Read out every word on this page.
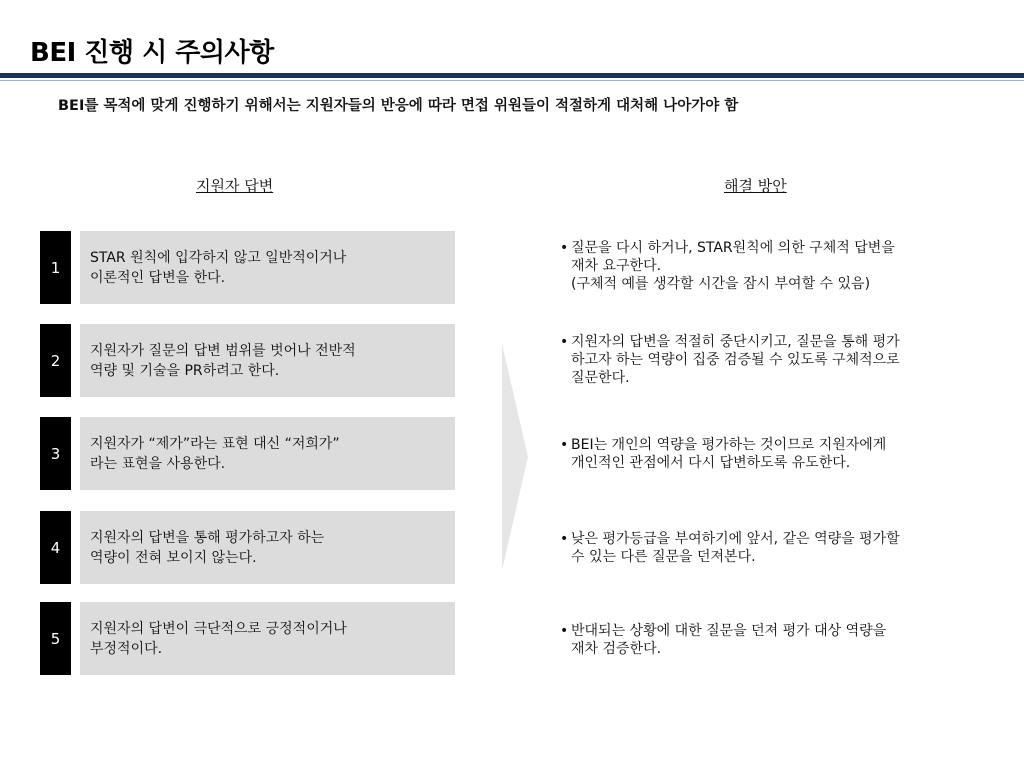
BEI 진행 시 주의사항
BEI를 목적에 맞게 진행하기 위해서는 지원자들의 반응에 따라 면접 위원들이 적절하게 대처해 나아가야 함
지원자 답변	해결 방안
1
STAR 원칙에 입각하지 않고 일반적이거나
이론적인 답변을 한다.
2
지원자가 질문의 답변 범위를 벗어나 전반적
역량 및 기술을 PR하려고 한다.
3
지원자가 “제가”라는 표현 대신 “저희가”
라는 표현을 사용한다.
4
지원자의 답변을 통해 평가하고자 하는
역량이 전혀 보이지 않는다.
5
지원자의 답변이 극단적으로 긍정적이거나
부정적이다.
• 질문을 다시 하거나, STAR원칙에 의한 구체적 답변을
재차 요구한다.
(구체적 예를 생각할 시간을 잠시 부여할 수 있음)
• 지원자의 답변을 적절히 중단시키고, 질문을 통해 평가
하고자 하는 역량이 집중 검증될 수 있도록 구체적으로
질문한다.
• BEI는 개인의 역량을 평가하는 것이므로 지원자에게
개인적인 관점에서 다시 답변하도록 유도한다.
• 낮은 평가등급을 부여하기에 앞서, 같은 역량을 평가할
수 있는 다른 질문을 던져본다.
• 반대되는 상황에 대한 질문을 던져 평가 대상 역량을
재차 검증한다.
